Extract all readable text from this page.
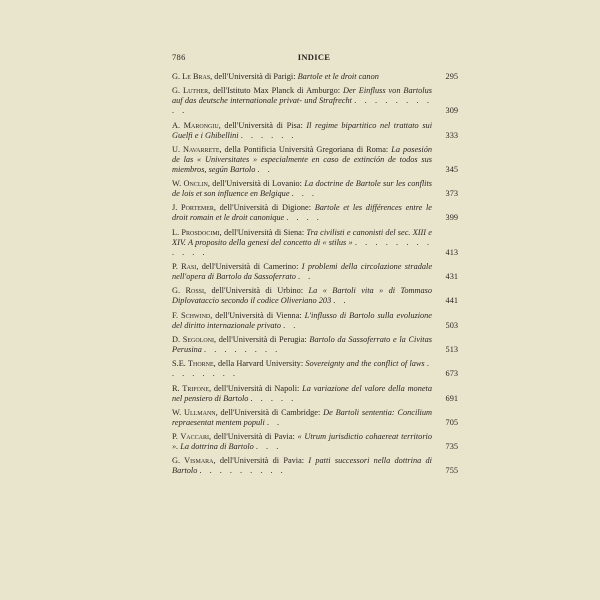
786	INDICE
G. Le Bras, dell'Università di Parigi: Bartole et le droit canon	295
G. Luther, dell'Istituto Max Planck di Amburgo: Der Einfluss von Bartolus auf das deutsche internationale privat- und Strafrecht . . . . . . . . . .	309
A. Marongiu, dell'Università di Pisa: Il regime bipartitico nel trattato sui Guelfi e i Ghibellini . . . . . .	333
U. Navarrete, della Pontificia Università Gregoriana di Roma: La posesión de las « Universitates » especialmente en caso de extinción de todos sus miembros, según Bartolo . .	345
W. Onclin, dell'Università di Lovanio: La doctrine de Bartole sur les conflits de lois et son influence en Belgique . . .	373
J. Portemer, dell'Università di Digione: Bartole et les différences entre le droit romain et le droit canonique . . . .	399
L. Prosdocimi, dell'Università di Siena: Tra civilisti e canonisti del sec. XIII e XIV. A proposito della genesi del concetto di « stilus » . . . . . . . . . . . .	413
P. Rasi, dell'Università di Camerino: I problemi della circolazione stradale nell'opera di Bartolo da Sassoferrato . .	431
G. Rossi, dell'Università di Urbino: La « Bartoli vita » di Tommaso Diplovataccio secondo il codice Oliveriano 203 . .	441
F. Schwind, dell'Università di Vienna: L'influsso di Bartolo sulla evoluzione del diritto internazionale privato . .	503
D. Segoloni, dell'Università di Perugia: Bartolo da Sassoferrato e la Civitas Perusina . . . . . . . .	513
S.E. Thorne, della Harvard University: Sovereignty and the conflict of laws . . . . . . . .	673
R. Trifone, dell'Università di Napoli: La variazione del valore della moneta nel pensiero di Bartolo . . . . .	691
W. Ullmann, dell'Università di Cambridge: De Bartoli sententia: Concilium repraesentat mentem populi . .	705
P. Vaccari, dell'Università di Pavia: « Utrum jurisdictio cohaereat territorio ». La dottrina di Bartolo . . .	735
G. Vismara, dell'Università di Pavia: I patti successori nella dottrina di Bartolo . . . . . . . . .	755
